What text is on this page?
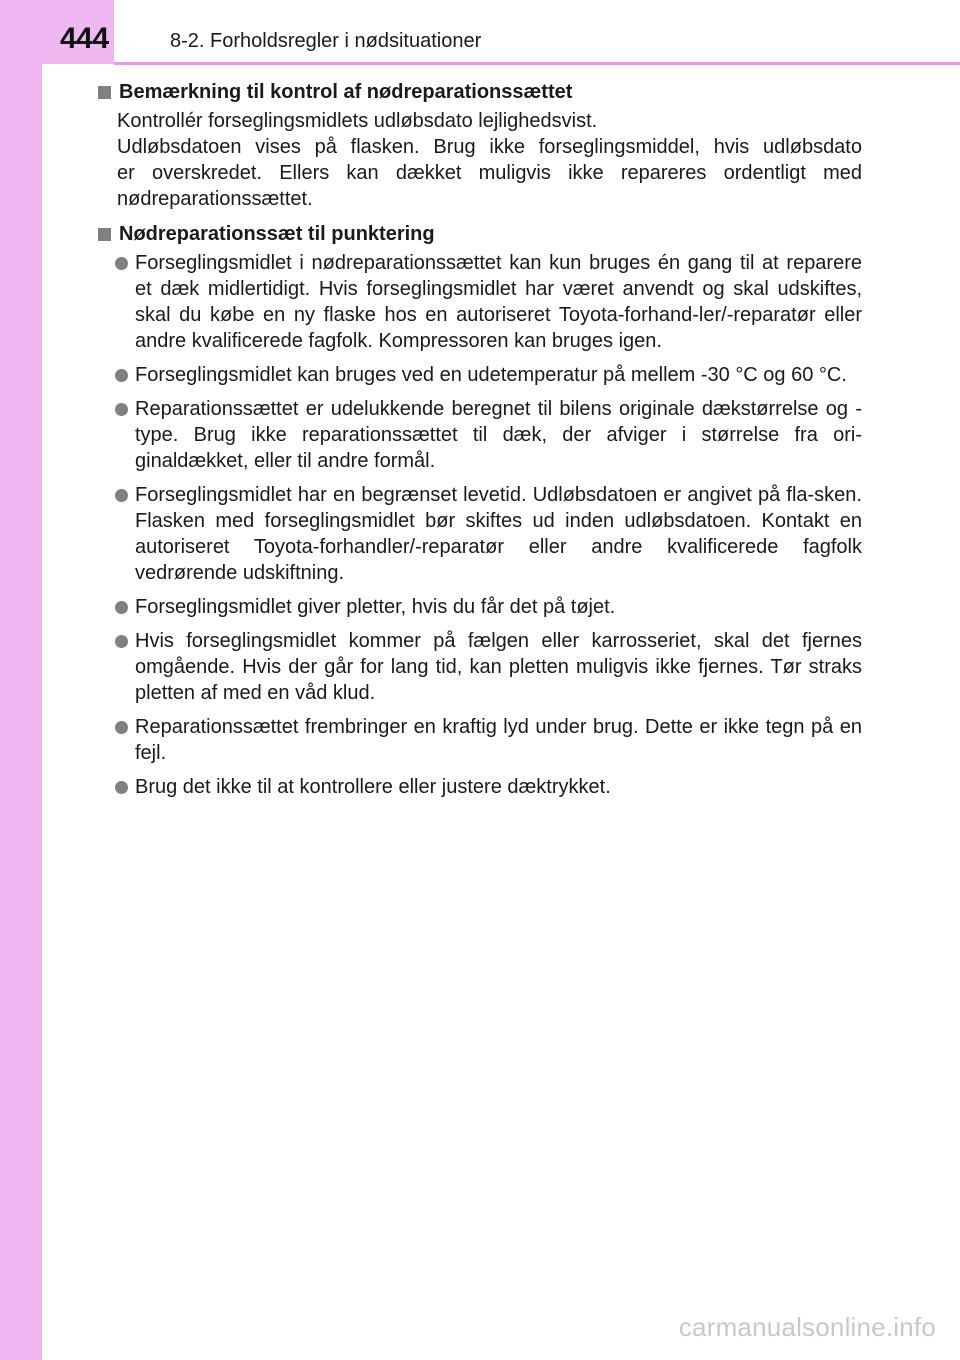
444	8-2. Forholdsregler i nødsituationer
Bemærkning til kontrol af nødreparationssættet
Kontrollér forseglingsmidlets udløbsdato lejlighedsvist.
Udløbsdatoen vises på flasken. Brug ikke forseglingsmiddel, hvis udløbsdato
er overskredet. Ellers kan dækket muligvis ikke repareres ordentligt med
nødreparationssættet.
Nødreparationssæt til punktering
Forseglingsmidlet i nødreparationssættet kan kun bruges én gang til at reparere et dæk midlertidigt. Hvis forseglingsmidlet har været anvendt og skal udskiftes, skal du købe en ny flaske hos en autoriseret Toyota-forhand-ler/-reparatør eller andre kvalificerede fagfolk. Kompressoren kan bruges igen.
Forseglingsmidlet kan bruges ved en udetemperatur på mellem -30 °C og 60 °C.
Reparationssættet er udelukkende beregnet til bilens originale dækstørrelse og -type. Brug ikke reparationssættet til dæk, der afviger i størrelse fra ori-ginaldækket, eller til andre formål.
Forseglingsmidlet har en begrænset levetid. Udløbsdatoen er angivet på fla-sken. Flasken med forseglingsmidlet bør skiftes ud inden udløbsdatoen. Kontakt en autoriseret Toyota-forhandler/-reparatør eller andre kvalificerede fagfolk vedrørende udskiftning.
Forseglingsmidlet giver pletter, hvis du får det på tøjet.
Hvis forseglingsmidlet kommer på fælgen eller karrosseriet, skal det fjernes omgående. Hvis der går for lang tid, kan pletten muligvis ikke fjernes. Tør straks pletten af med en våd klud.
Reparationssættet frembringer en kraftig lyd under brug. Dette er ikke tegn på en fejl.
Brug det ikke til at kontrollere eller justere dæktrykket.
carmanualsonline.info
